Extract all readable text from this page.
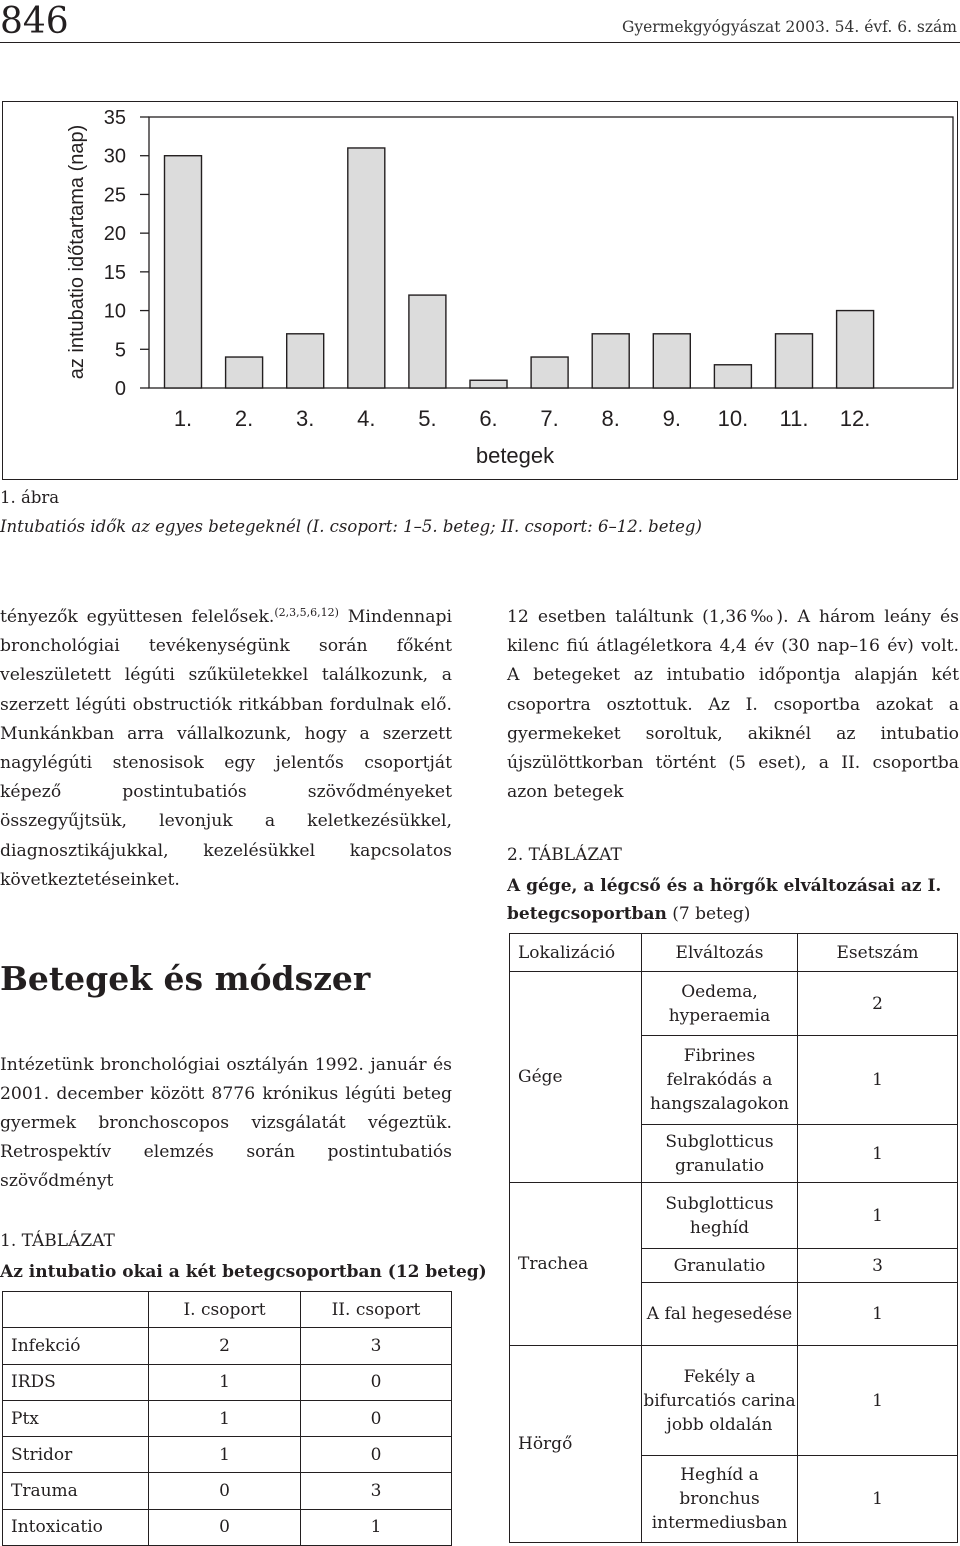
846	Gyermekgyógyászat 2003. 54. évf. 6. szám
0
5
10
15
20
25
30
35
1. 2. 3. 4. 5. 6. 7. 8. 9. 10. 11. 12.
betegek
az intubatio időtartama (nap)
1. ábra
Intubatiós idők az egyes betegeknél (I. csoport: 1–5. beteg; II. csoport: 6–12. beteg)

tényezők együttesen felelősek.$^{(2,3,5,6,12)}$ Mindennapi bronchológiai tevékenységünk során főként veleszületett légúti szűkületekkel találkozunk, a szerzett légúti obstructiók ritkábban fordulnak elő. Munkánkban arra vállalkozunk, hogy a szerzett nagylégúti stenosisok egy jelentős csoportját képező postintubatiós szövődményeket összegyűjtsük, levonjuk a keletkezésükkel, diagnosztikájukkal, kezelésükkel kapcsolatos következtetéseinket.

Betegek és módszer

Intézetünk bronchológiai osztályán 1992. január és 2001. december között 8776 krónikus légúti beteg gyermek bronchoscopos vizsgálatát végeztük. Retrospektív elemzés során postintubatiós szövődményt

1. TÁBLÁZAT
Az intubatio okai a két betegcsoportban (12 beteg)
	I. csoport	II. csoport
Infekció	2	3
IRDS	1	0
Ptx	1	0
Stridor	1	0
Trauma	0	3
Intoxicatio	0	1

12 esetben találtunk (1,36‰). A három leány és kilenc fiú átlagéletkora 4,4 év (30 nap–16 év) volt. A betegeket az intubatio időpontja alapján két csoportra osztottuk. Az I. csoportba azokat a gyermekeket soroltuk, akiknél az intubatio újszülöttkorban történt (5 eset), a II. csoportba azon betegek

2. TÁBLÁZAT
A gége, a légcső és a hörgők elváltozásai az I. betegcsoportban (7 beteg)
Lokalizáció	Elváltozás	Esetszám
Gége	Oedema, hyperaemia	2
	Fibrines felrakódás a hangszalagokon	1
	Subglotticus granulatio	1
Trachea	Subglotticus heghíd	1
	Granulatio	3
	A fal hegesedése	1
Hörgő	Fekély a bifurcatiós carina jobb oldalán	1
	Heghíd a bronchus intermediusban	1
